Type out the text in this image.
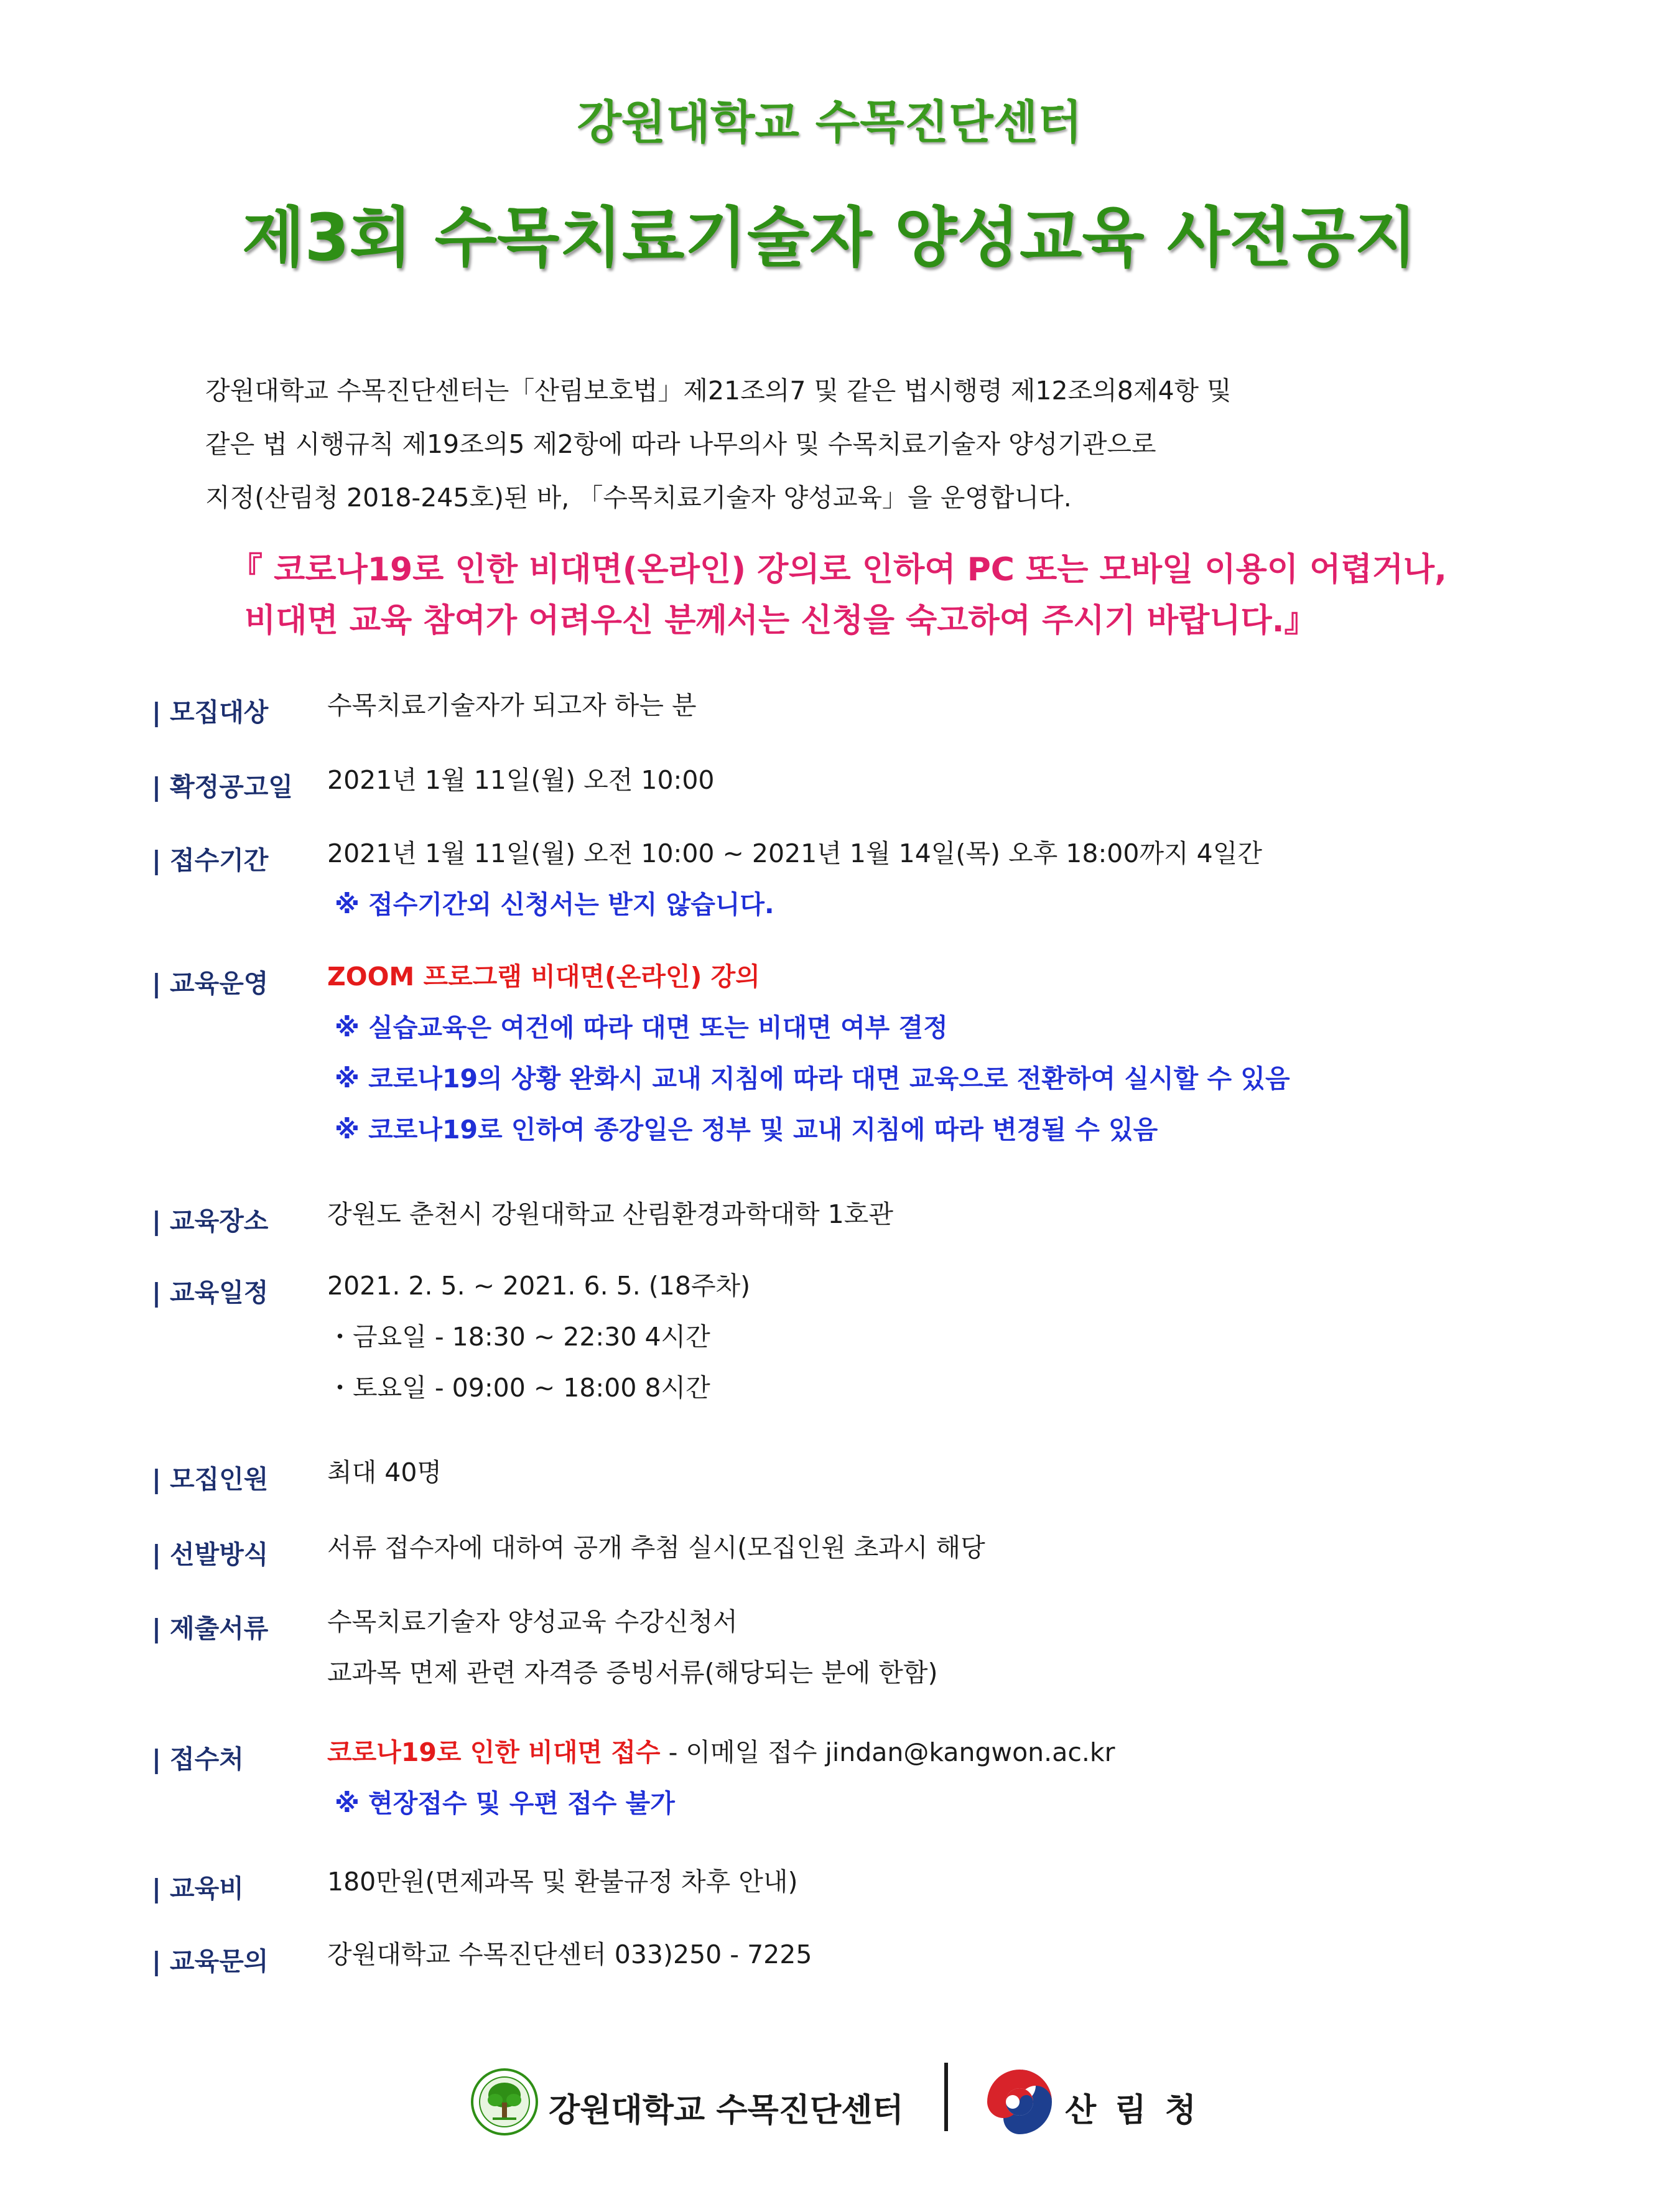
강원대학교 수목진단센터
제3회 수목치료기술자 양성교육 사전공지
강원대학교 수목진단센터는「산림보호법」제21조의7 및 같은 법시행령 제12조의8제4항 및
같은 법 시행규칙 제19조의5 제2항에 따라 나무의사 및 수목치료기술자 양성기관으로
지정(산림청 2018-245호)된 바, 「수목치료기술자 양성교육」을 운영합니다.
『 코로나19로 인한 비대면(온라인) 강의로 인하여 PC 또는 모바일 이용이 어렵거나,
비대면 교육 참여가 어려우신 분께서는 신청을 숙고하여 주시기 바랍니다.』
| 모집대상 수목치료기술자가 되고자 하는 분
| 확정공고일 2021년 1월 11일(월) 오전 10:00
| 접수기간 2021년 1월 11일(월) 오전 10:00 ~ 2021년 1월 14일(목) 오후 18:00까지 4일간
※ 접수기간외 신청서는 받지 않습니다.
| 교육운영 ZOOM 프로그램 비대면(온라인) 강의
※ 실습교육은 여건에 따라 대면 또는 비대면 여부 결정
※ 코로나19의 상황 완화시 교내 지침에 따라 대면 교육으로 전환하여 실시할 수 있음
※ 코로나19로 인하여 종강일은 정부 및 교내 지침에 따라 변경될 수 있음
| 교육장소 강원도 춘천시 강원대학교 산림환경과학대학 1호관
| 교육일정 2021. 2. 5. ~ 2021. 6. 5. (18주차)
・금요일 - 18:30 ~ 22:30 4시간
・토요일 - 09:00 ~ 18:00 8시간
| 모집인원 최대 40명
| 선발방식 서류 접수자에 대하여 공개 추첨 실시(모집인원 초과시 해당
| 제출서류 수목치료기술자 양성교육 수강신청서
교과목 면제 관련 자격증 증빙서류(해당되는 분에 한함)
| 접수처	코로나19로 인한 비대면 접수 - 이메일 접수 jindan@kangwon.ac.kr
※ 현장접수 및 우편 접수 불가
| 교육비	180만원(면제과목 및 환불규정 차후 안내)
| 교육문의 강원대학교 수목진단센터 033)250 - 7225
강원대학교 수목진단센터	산 림 청
